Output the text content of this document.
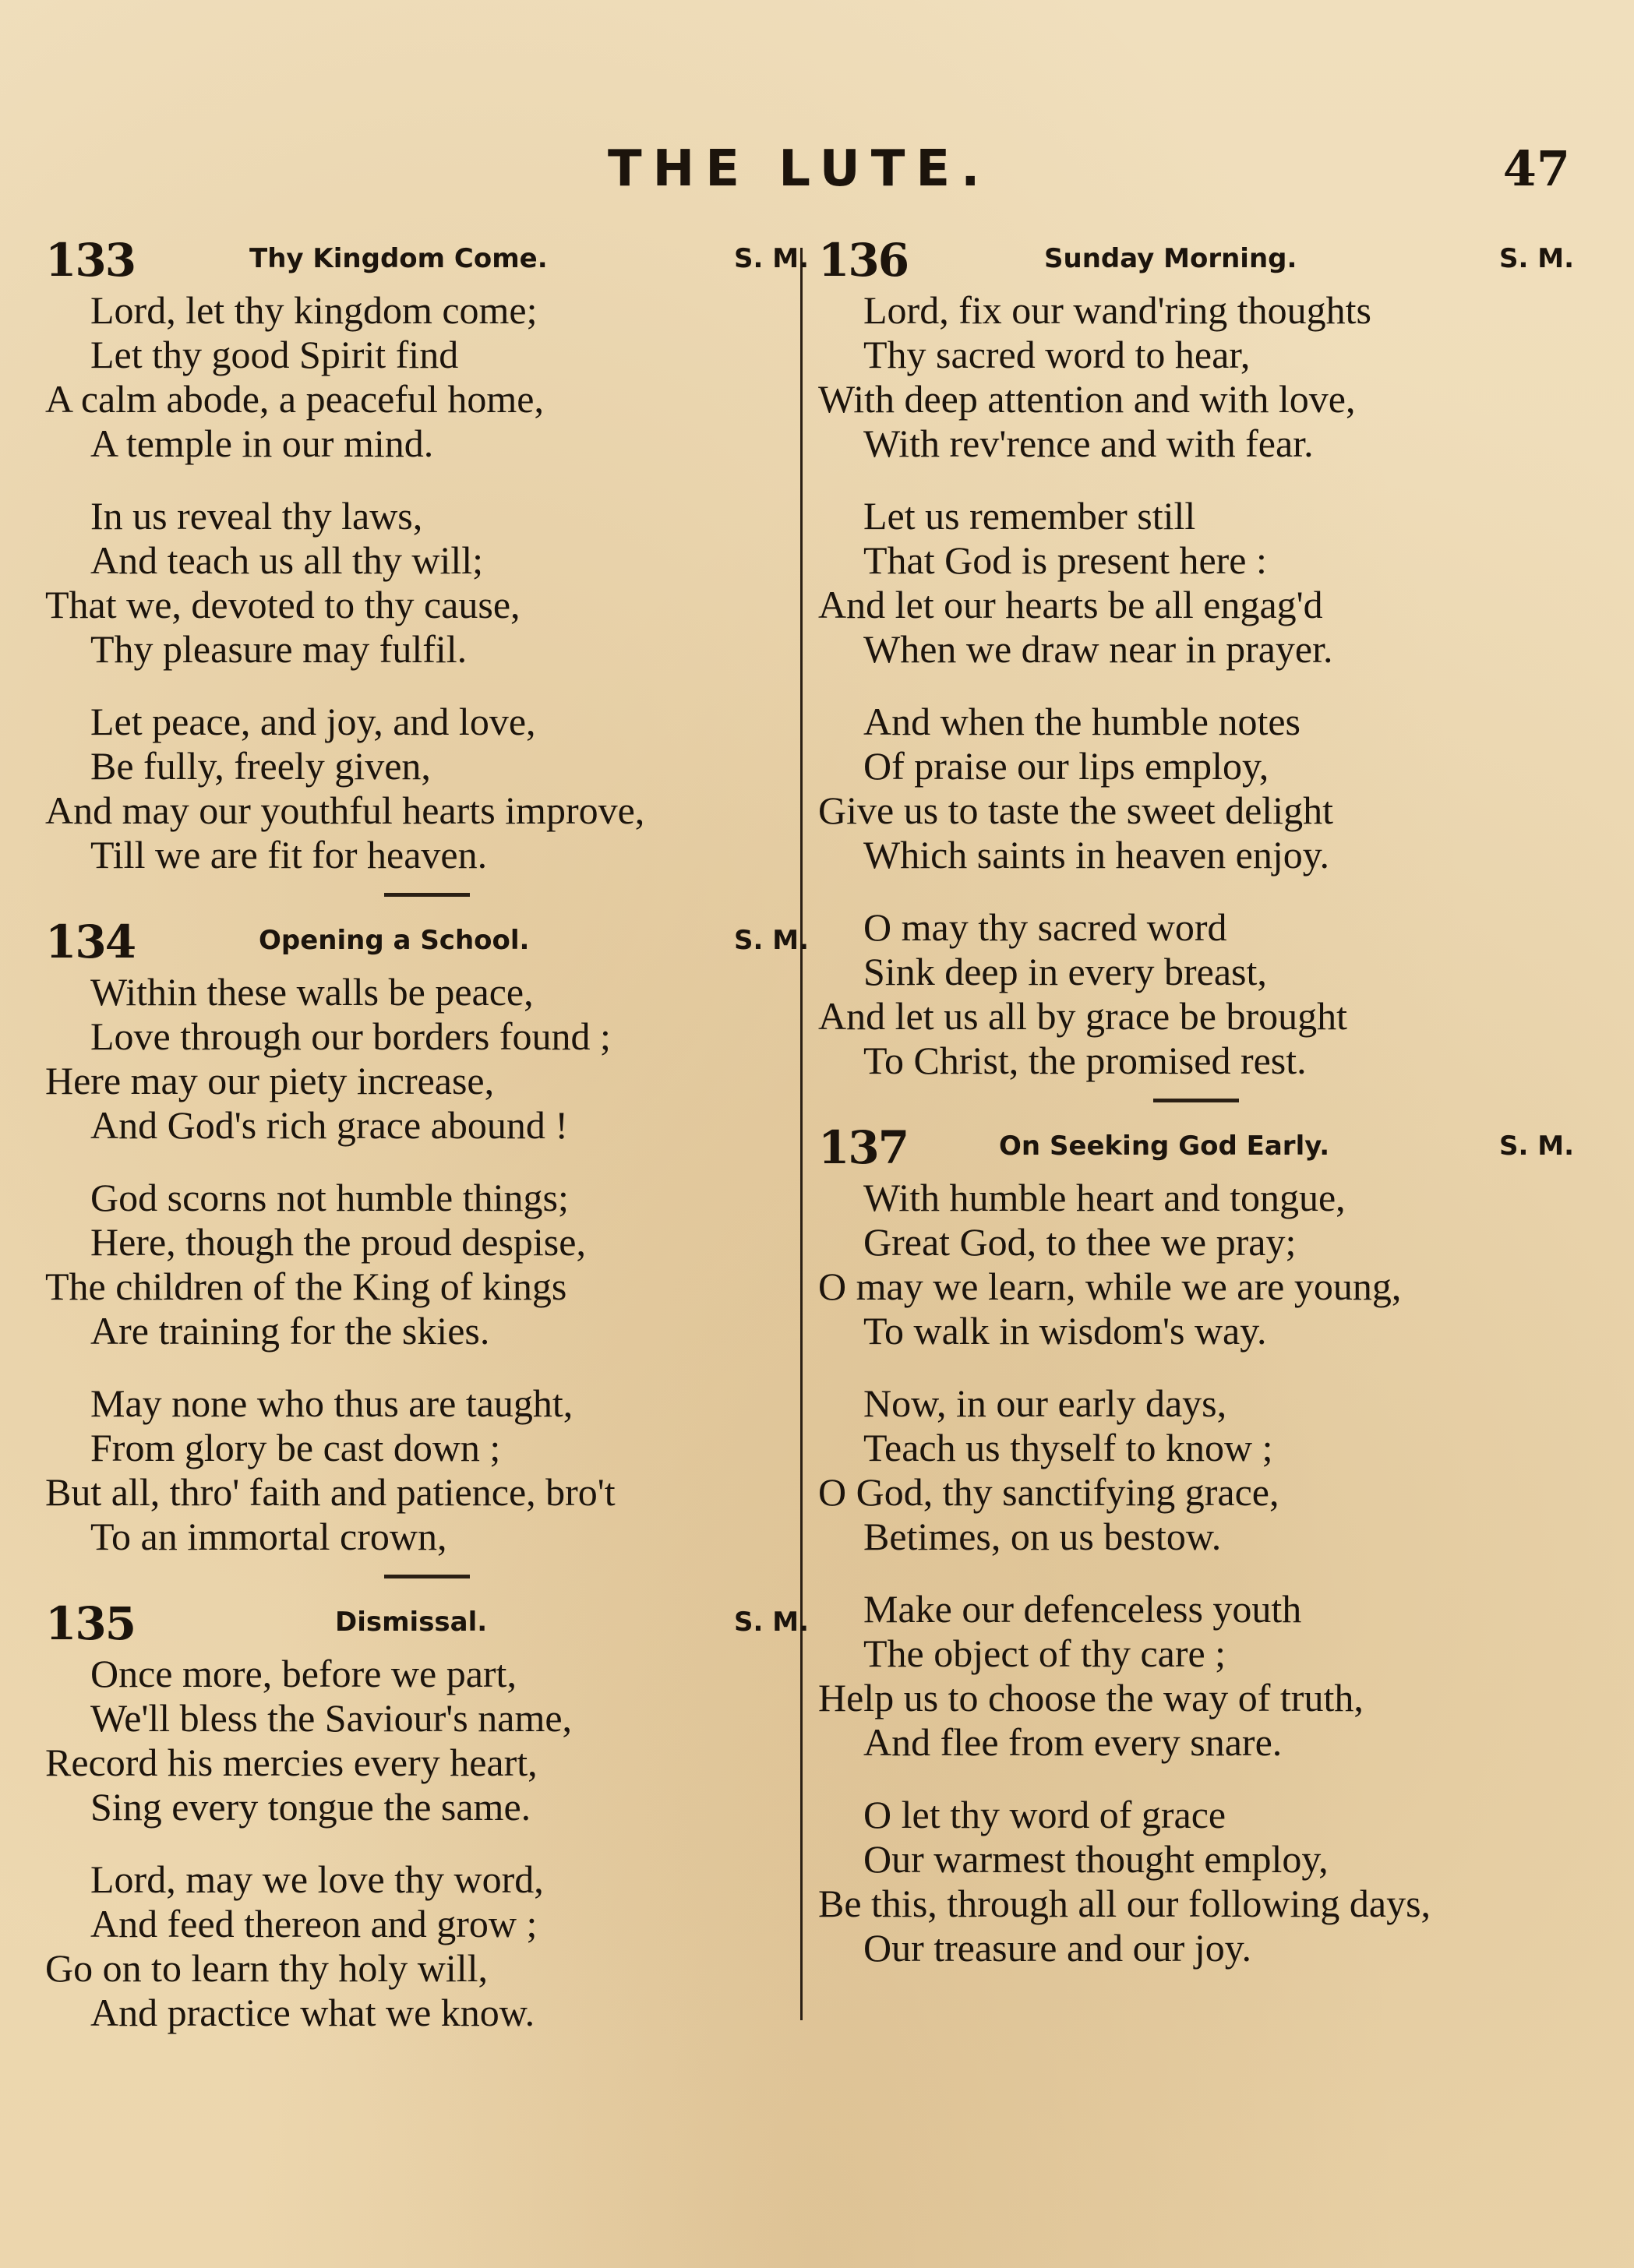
THE LUTE.	47
133	Thy Kingdom Come.	S. M.
Lord, let thy kingdom come;
Let thy good Spirit find
A calm abode, a peaceful home,
A temple in our mind.
In us reveal thy laws,
And teach us all thy will;
That we, devoted to thy cause,
Thy pleasure may fulfil.
Let peace, and joy, and love,
Be fully, freely given,
And may our youthful hearts improve,
Till we are fit for heaven.
134	Opening a School.	S. M.
Within these walls be peace,
Love through our borders found ;
Here may our piety increase,
And God's rich grace abound !
God scorns not humble things;
Here, though the proud despise,
The children of the King of kings
Are training for the skies.
May none who thus are taught,
From glory be cast down ;
But all, thro' faith and patience, bro't
To an immortal crown,
135	Dismissal.	S. M.
Once more, before we part,
We'll bless the Saviour's name,
Record his mercies every heart,
Sing every tongue the same.
Lord, may we love thy word,
And feed thereon and grow ;
Go on to learn thy holy will,
And practice what we know.
136	Sunday Morning.	S. M.
Lord, fix our wand'ring thoughts
Thy sacred word to hear,
With deep attention and with love,
With rev'rence and with fear.
Let us remember still
That God is present here :
And let our hearts be all engag'd
When we draw near in prayer.
And when the humble notes
Of praise our lips employ,
Give us to taste the sweet delight
Which saints in heaven enjoy.
O may thy sacred word
Sink deep in every breast,
And let us all by grace be brought
To Christ, the promised rest.
137	On Seeking God Early.	S. M.
With humble heart and tongue,
Great God, to thee we pray;
O may we learn, while we are young,
To walk in wisdom's way.
Now, in our early days,
Teach us thyself to know ;
O God, thy sanctifying grace,
Betimes, on us bestow.
Make our defenceless youth
The object of thy care ;
Help us to choose the way of truth,
And flee from every snare.
O let thy word of grace
Our warmest thought employ,
Be this, through all our following days,
Our treasure and our joy.
